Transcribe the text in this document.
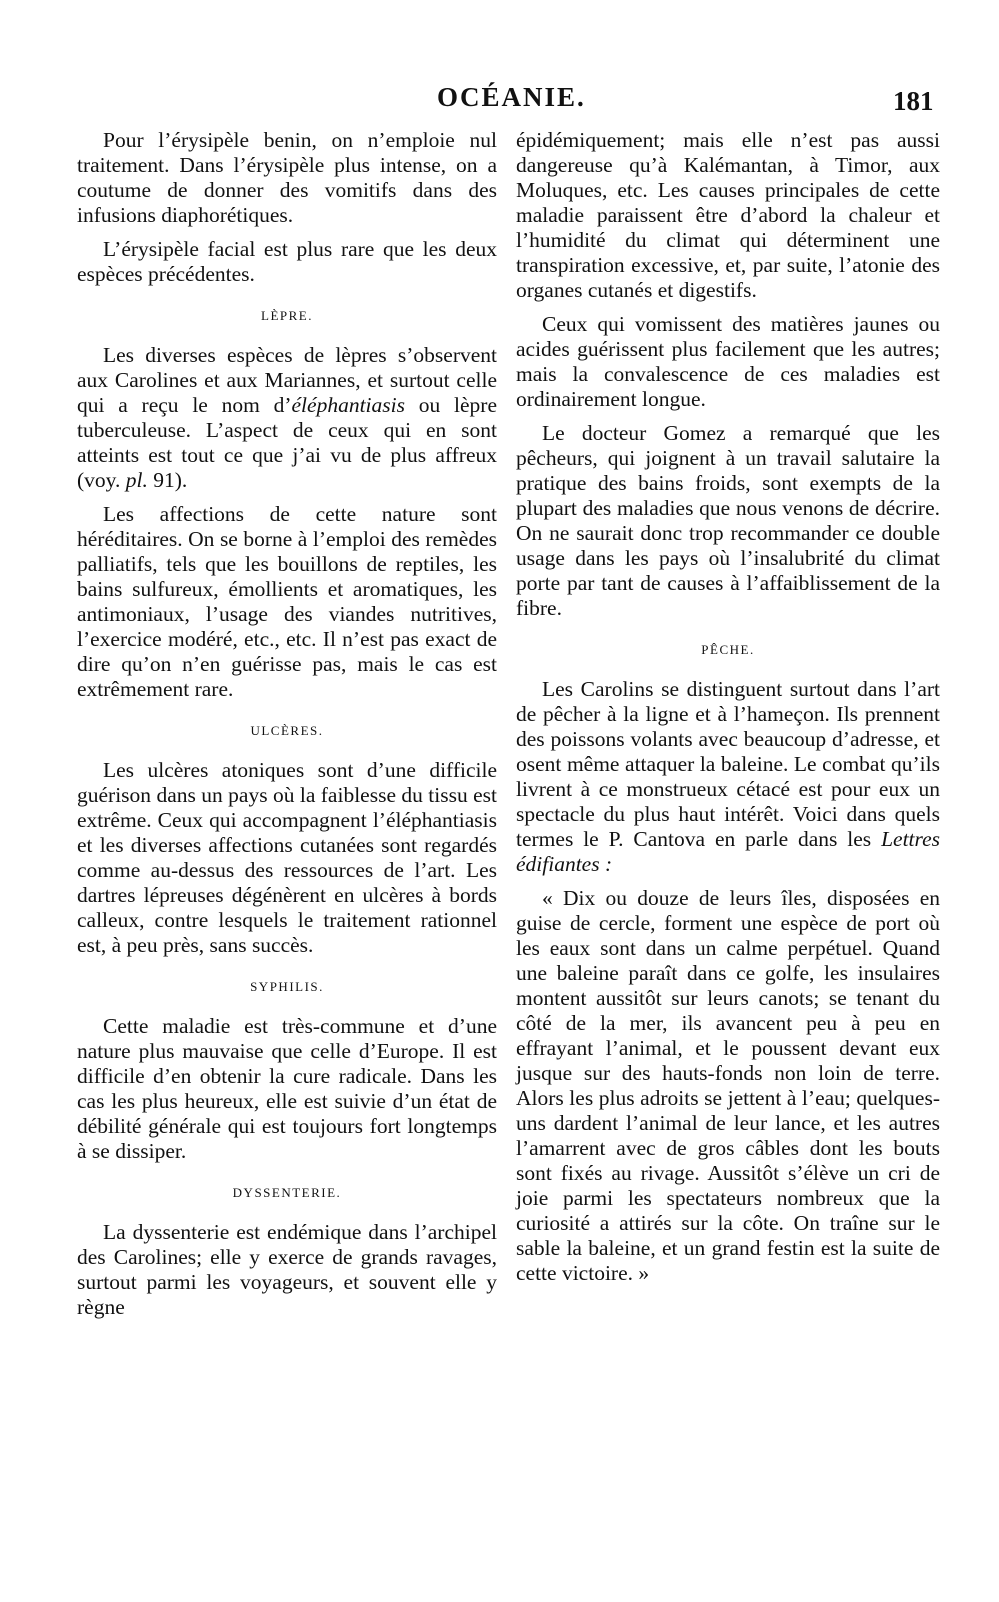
OCÉANIE.	181

Pour l’érysipèle benin, on n’emploie nul traitement. Dans l’érysipèle plus intense, on a coutume de donner des vomitifs dans des infusions diaphorétiques.

L’érysipèle facial est plus rare que les deux espèces précédentes.

LÈPRE.

Les diverses espèces de lèpres s’observent aux Carolines et aux Mariannes, et surtout celle qui a reçu le nom d’éléphantiasis ou lèpre tuberculeuse. L’aspect de ceux qui en sont atteints est tout ce que j’ai vu de plus affreux (voy. pl. 91).

Les affections de cette nature sont héréditaires. On se borne à l’emploi des remèdes palliatifs, tels que les bouillons de reptiles, les bains sulfureux, émollients et aromatiques, les antimoniaux, l’usage des viandes nutritives, l’exercice modéré, etc., etc. Il n’est pas exact de dire qu’on n’en guérisse pas, mais le cas est extrêmement rare.

ULCÈRES.

Les ulcères atoniques sont d’une difficile guérison dans un pays où la faiblesse du tissu est extrême. Ceux qui accompagnent l’éléphantiasis et les diverses affections cutanées sont regardés comme au-dessus des ressources de l’art. Les dartres lépreuses dégénèrent en ulcères à bords calleux, contre lesquels le traitement rationnel est, à peu près, sans succès.

SYPHILIS.

Cette maladie est très-commune et d’une nature plus mauvaise que celle d’Europe. Il est difficile d’en obtenir la cure radicale. Dans les cas les plus heureux, elle est suivie d’un état de débilité générale qui est toujours fort longtemps à se dissiper.

DYSSENTERIE.

La dyssenterie est endémique dans l’archipel des Carolines; elle y exerce de grands ravages, surtout parmi les voyageurs, et souvent elle y règne

épidémiquement; mais elle n’est pas aussi dangereuse qu’à Kalémantan, à Timor, aux Moluques, etc. Les causes principales de cette maladie paraissent être d’abord la chaleur et l’humidité du climat qui déterminent une transpiration excessive, et, par suite, l’atonie des organes cutanés et digestifs.

Ceux qui vomissent des matières jaunes ou acides guérissent plus facilement que les autres; mais la convalescence de ces maladies est ordinairement longue.

Le docteur Gomez a remarqué que les pêcheurs, qui joignent à un travail salutaire la pratique des bains froids, sont exempts de la plupart des maladies que nous venons de décrire. On ne saurait donc trop recommander ce double usage dans les pays où l’insalubrité du climat porte par tant de causes à l’affaiblissement de la fibre.

PÊCHE.

Les Carolins se distinguent surtout dans l’art de pêcher à la ligne et à l’hameçon. Ils prennent des poissons volants avec beaucoup d’adresse, et osent même attaquer la baleine. Le combat qu’ils livrent à ce monstrueux cétacé est pour eux un spectacle du plus haut intérêt. Voici dans quels termes le P. Cantova en parle dans les Lettres édifiantes :

« Dix ou douze de leurs îles, disposées en guise de cercle, forment une espèce de port où les eaux sont dans un calme perpétuel. Quand une baleine paraît dans ce golfe, les insulaires montent aussitôt sur leurs canots; se tenant du côté de la mer, ils avancent peu à peu en effrayant l’animal, et le poussent devant eux jusque sur des hauts-fonds non loin de terre. Alors les plus adroits se jettent à l’eau; quelques-uns dardent l’animal de leur lance, et les autres l’amarrent avec de gros câbles dont les bouts sont fixés au rivage. Aussitôt s’élève un cri de joie parmi les spectateurs nombreux que la curiosité a attirés sur la côte. On traîne sur le sable la baleine, et un grand festin est la suite de cette victoire. »
